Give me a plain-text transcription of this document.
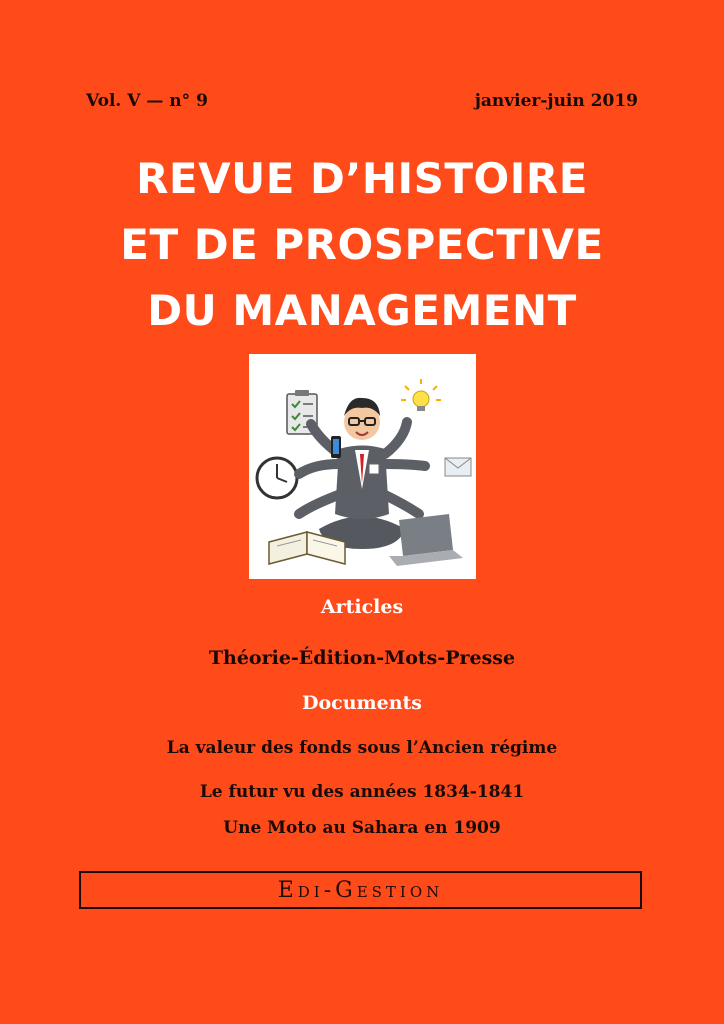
Vol. V — n° 9	janvier-juin 2019
REVUE D’HISTOIRE
ET DE PROSPECTIVE
DU MANAGEMENT
Articles
Théorie-Édition-Mots-Presse
Documents
La valeur des fonds sous l’Ancien régime
Le futur vu des années 1834-1841
Une Moto au Sahara en 1909
Edi-Gestion
